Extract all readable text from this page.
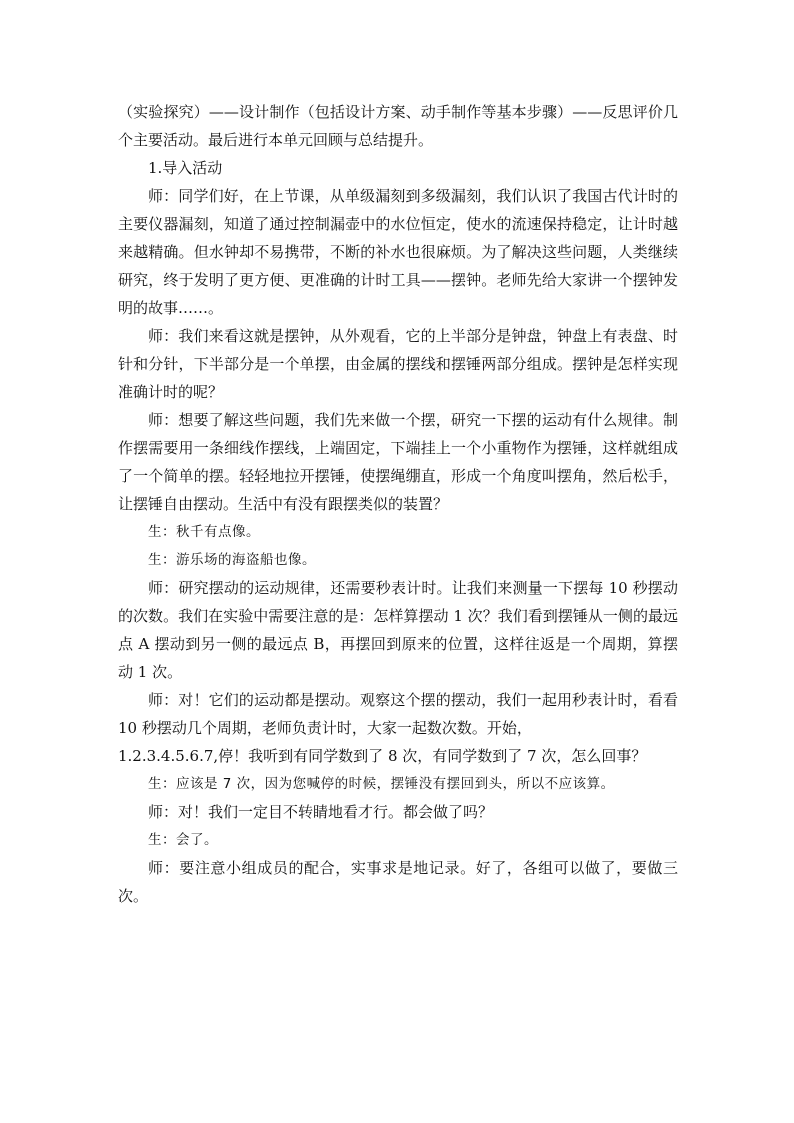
（实验探究）——设计制作（包括设计方案、动手制作等基本步骤）——反思评价几个主要活动。最后进行本单元回顾与总结提升。

1.导入活动

师：同学们好，在上节课，从单级漏刻到多级漏刻，我们认识了我国古代计时的主要仪器漏刻，知道了通过控制漏壶中的水位恒定，使水的流速保持稳定，让计时越来越精确。但水钟却不易携带，不断的补水也很麻烦。为了解决这些问题，人类继续研究，终于发明了更方便、更准确的计时工具——摆钟。老师先给大家讲一个摆钟发明的故事……。

师：我们来看这就是摆钟，从外观看，它的上半部分是钟盘，钟盘上有表盘、时针和分针，下半部分是一个单摆，由金属的摆线和摆锤两部分组成。摆钟是怎样实现准确计时的呢？

师：想要了解这些问题，我们先来做一个摆，研究一下摆的运动有什么规律。制作摆需要用一条细线作摆线，上端固定，下端挂上一个小重物作为摆锤，这样就组成了一个简单的摆。轻轻地拉开摆锤，使摆绳绷直，形成一个角度叫摆角，然后松手，让摆锤自由摆动。生活中有没有跟摆类似的装置？

生：秋千有点像。

生：游乐场的海盗船也像。

师：研究摆动的运动规律，还需要秒表计时。让我们来测量一下摆每 10 秒摆动的次数。我们在实验中需要注意的是：怎样算摆动 1 次？我们看到摆锤从一侧的最远点 A 摆动到另一侧的最远点 B，再摆回到原来的位置，这样往返是一个周期，算摆动 1 次。

师：对！它们的运动都是摆动。观察这个摆的摆动，我们一起用秒表计时，看看 10 秒摆动几个周期，老师负责计时，大家一起数次数。开始，

1.2.3.4.5.6.7,停！我听到有同学数到了 8 次，有同学数到了 7 次，怎么回事？

生：应该是 7 次，因为您喊停的时候，摆锤没有摆回到头，所以不应该算。

师：对！我们一定目不转睛地看才行。都会做了吗？

生：会了。

师：要注意小组成员的配合，实事求是地记录。好了，各组可以做了，要做三次。
